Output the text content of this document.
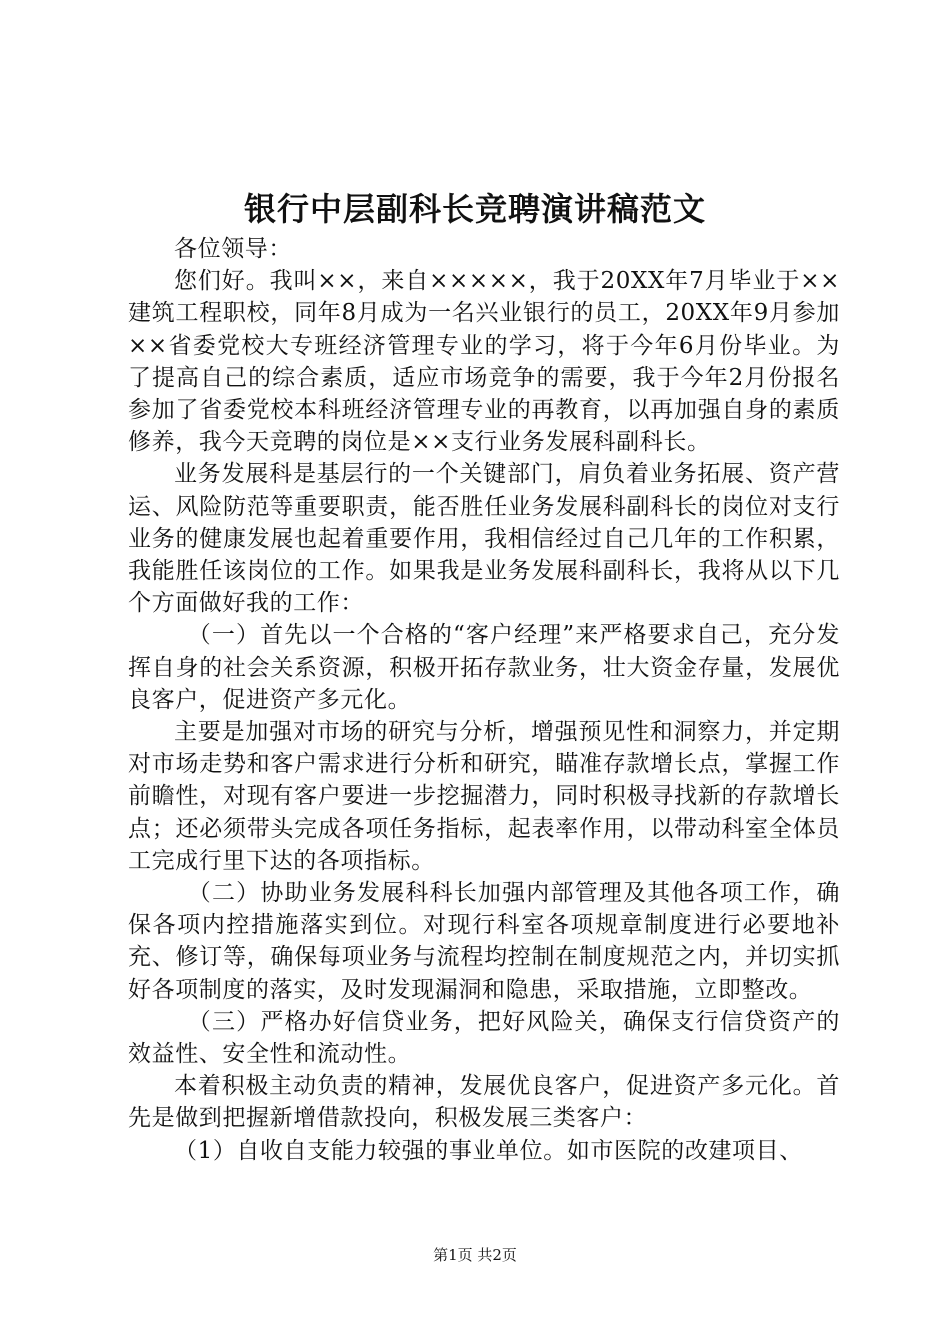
银行中层副科长竞聘演讲稿范文

各位领导：

您们好。我叫××，来自×××××，我于20XX年7月毕业于××建筑工程职校，同年8月成为一名兴业银行的员工，20XX年9月参加××省委党校大专班经济管理专业的学习，将于今年6月份毕业。为了提高自己的综合素质，适应市场竞争的需要，我于今年2月份报名参加了省委党校本科班经济管理专业的再教育，以再加强自身的素质修养，我今天竞聘的岗位是××支行业务发展科副科长。

业务发展科是基层行的一个关键部门，肩负着业务拓展、资产营运、风险防范等重要职责，能否胜任业务发展科副科长的岗位对支行业务的健康发展也起着重要作用，我相信经过自己几年的工作积累，我能胜任该岗位的工作。如果我是业务发展科副科长，我将从以下几个方面做好我的工作：

（一）首先以一个合格的“客户经理”来严格要求自己，充分发挥自身的社会关系资源，积极开拓存款业务，壮大资金存量，发展优良客户，促进资产多元化。

主要是加强对市场的研究与分析，增强预见性和洞察力，并定期对市场走势和客户需求进行分析和研究，瞄准存款增长点，掌握工作前瞻性，对现有客户要进一步挖掘潜力，同时积极寻找新的存款增长点；还必须带头完成各项任务指标，起表率作用，以带动科室全体员工完成行里下达的各项指标。

（二）协助业务发展科科长加强内部管理及其他各项工作，确保各项内控措施落实到位。对现行科室各项规章制度进行必要地补充、修订等，确保每项业务与流程均控制在制度规范之内，并切实抓好各项制度的落实，及时发现漏洞和隐患，采取措施，立即整改。

（三）严格办好信贷业务，把好风险关，确保支行信贷资产的效益性、安全性和流动性。

本着积极主动负责的精神，发展优良客户，促进资产多元化。首先是做到把握新增借款投向，积极发展三类客户：

（1）自收自支能力较强的事业单位。如市医院的改建项目、

第1页 共2页
